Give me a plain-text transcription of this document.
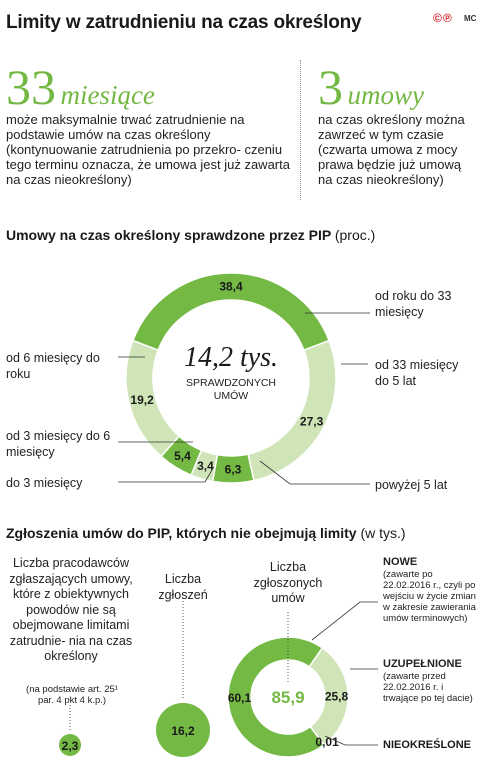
Limity w zatrudnieniu na czas określony	©℗ MC
33 miesiące
może maksymalnie trwać zatrudnienie na podstawie umów na czas określony (kontynuowanie zatrudnienia po przekro- czeniu tego terminu oznacza, że umowa jest już zawarta na czas nieokreślony)
3 umowy
na czas określony można zawrzeć w tym czasie (czwarta umowa z mocy prawa będzie już umową na czas nieokreślony)
Umowy na czas określony sprawdzone przez PIP (proc.)
38,4
27,3
6,3
3,4
5,4
19,2
14,2 tys.
SPRAWDZONYCH
UMÓW
25,8
0,01
60,1 85,9
2,3
16,2
od roku do 33 miesięcy
od 33 miesięcy do 5 lat
powyżej 5 lat
od 6 miesięcy do roku
od 3 miesięcy do 6 miesięcy
do 3 miesięcy
Zgłoszenia umów do PIP, których nie obejmują limity (w tys.)
Liczba pracodawców zgłaszających umowy, które z obiektywnych powodów nie są obejmowane limitami zatrudnie- nia na czas określony
(na podstawie art. 25¹ par. 4 pkt 4 k.p.)
Liczba zgłoszeń
Liczba zgłoszonych umów
NOWE
(zawarte po 22.02.2016 r., czyli po wejściu w życie zmian w zakresie zawierania umów terminowych)
UZUPEŁNIONE
(zawarte przed 22.02.2016 r. i trwające po tej dacie)
NIEOKREŚLONE
